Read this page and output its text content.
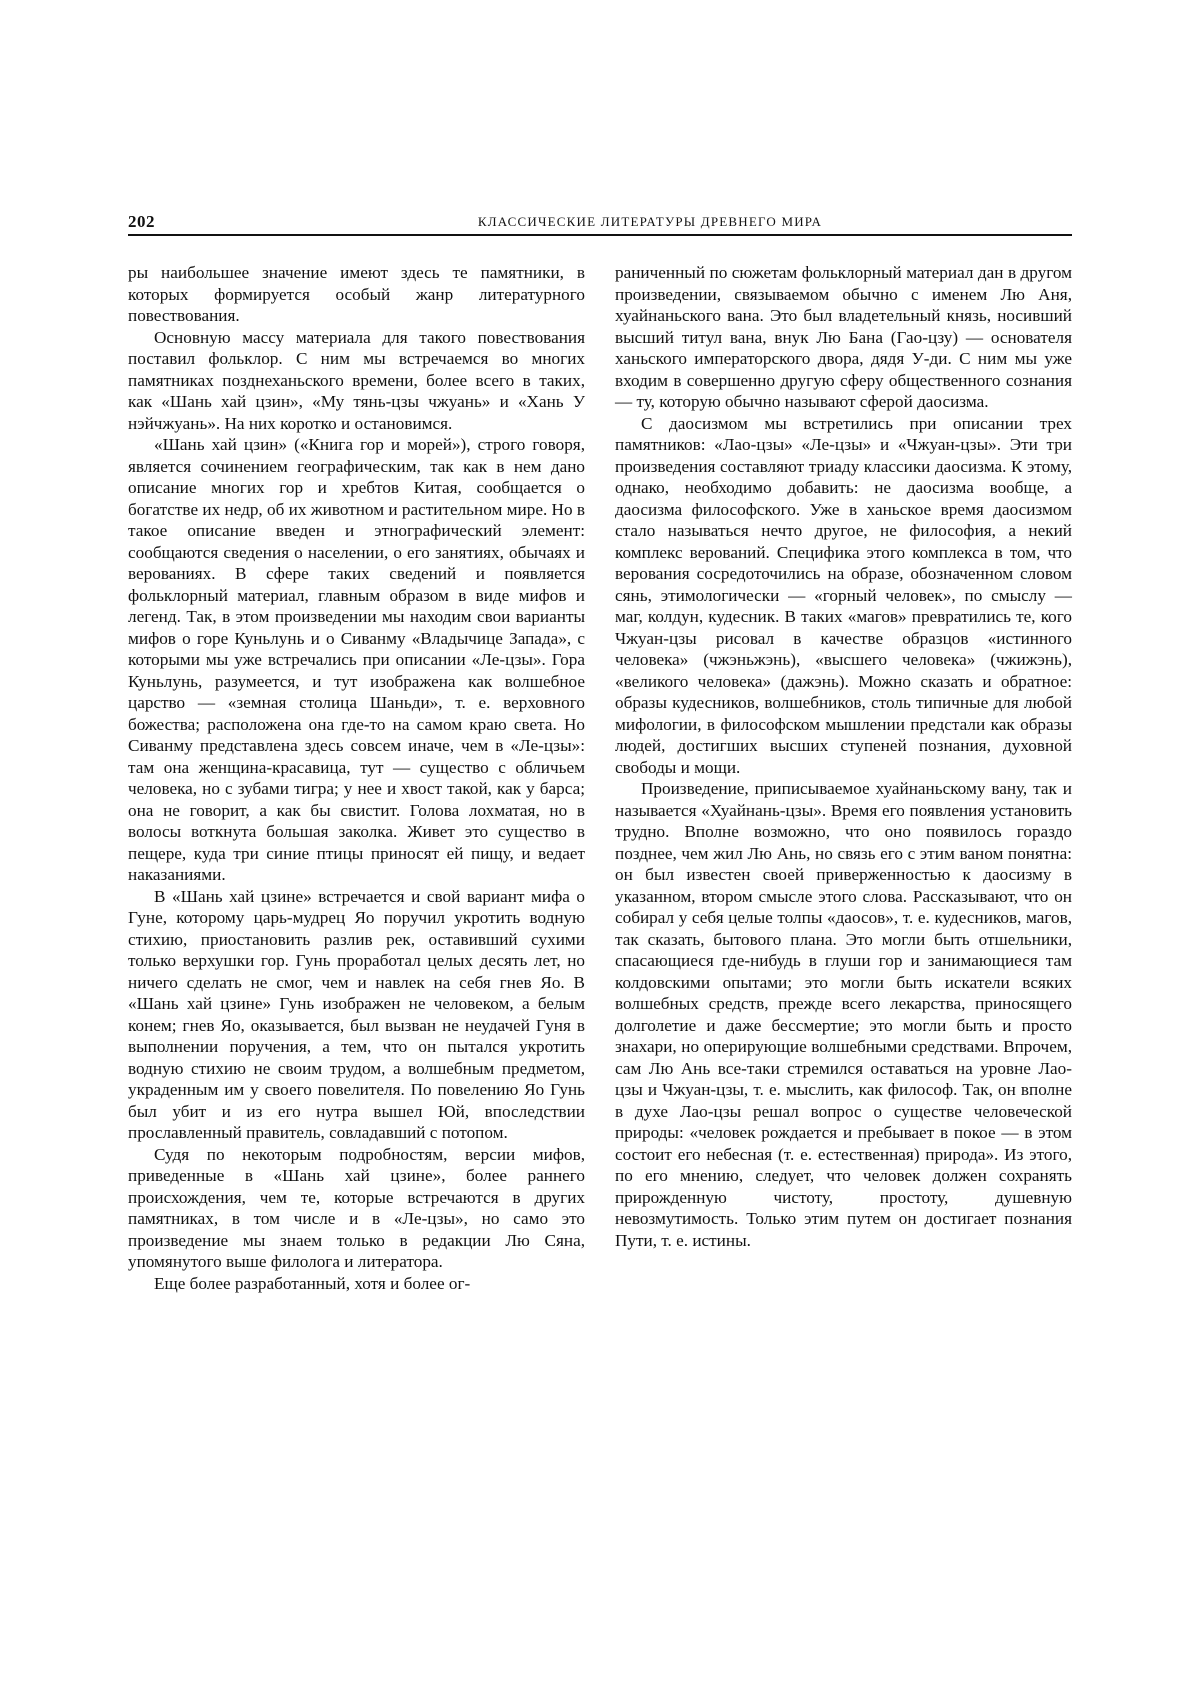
202	КЛАССИЧЕСКИЕ ЛИТЕРАТУРЫ ДРЕВНЕГО МИРА

ры наибольшее значение имеют здесь те памятники, в которых формируется особый жанр литературного повествования.

Основную массу материала для такого повествования поставил фольклор. С ним мы встречаемся во многих памятниках позднеханьского времени, более всего в таких, как «Шань хай цзин», «Му тянь-цзы чжуань» и «Хань У нэйчжуань». На них коротко и остановимся.

«Шань хай цзин» («Книга гор и морей»), строго говоря, является сочинением географическим, так как в нем дано описание многих гор и хребтов Китая, сообщается о богатстве их недр, об их животном и растительном мире. Но в такое описание введен и этнографический элемент: сообщаются сведения о населении, о его занятиях, обычаях и верованиях. В сфере таких сведений и появляется фольклорный материал, главным образом в виде мифов и легенд. Так, в этом произведении мы находим свои варианты мифов о горе Куньлунь и о Сиванму «Владычице Запада», с которыми мы уже встречались при описании «Ле-цзы». Гора Куньлунь, разумеется, и тут изображена как волшебное царство — «земная столица Шаньди», т. е. верховного божества; расположена она где-то на самом краю света. Но Сиванму представлена здесь совсем иначе, чем в «Ле-цзы»: там она женщина-красавица, тут — существо с обличьем человека, но с зубами тигра; у нее и хвост такой, как у барса; она не говорит, а как бы свистит. Голова лохматая, но в волосы воткнута большая заколка. Живет это существо в пещере, куда три синие птицы приносят ей пищу, и ведает наказаниями.

В «Шань хай цзине» встречается и свой вариант мифа о Гуне, которому царь-мудрец Яо поручил укротить водную стихию, приостановить разлив рек, оставивший сухими только верхушки гор. Гунь проработал целых десять лет, но ничего сделать не смог, чем и навлек на себя гнев Яо. В «Шань хай цзине» Гунь изображен не человеком, а белым конем; гнев Яо, оказывается, был вызван не неудачей Гуня в выполнении поручения, а тем, что он пытался укротить водную стихию не своим трудом, а волшебным предметом, украденным им у своего повелителя. По повелению Яо Гунь был убит и из его нутра вышел Юй, впоследствии прославленный правитель, совладавший с потопом.

Судя по некоторым подробностям, версии мифов, приведенные в «Шань хай цзине», более раннего происхождения, чем те, которые встречаются в других памятниках, в том числе и в «Ле-цзы», но само это произведение мы знаем только в редакции Лю Сяна, упомянутого выше филолога и литератора.

Еще более разработанный, хотя и более ог-

раниченный по сюжетам фольклорный материал дан в другом произведении, связываемом обычно с именем Лю Аня, хуайнаньского вана. Это был владетельный князь, носивший высший титул вана, внук Лю Бана (Гао-цзу) — основателя ханьского императорского двора, дядя У-ди. С ним мы уже входим в совершенно другую сферу общественного сознания — ту, которую обычно называют сферой даосизма.

С даосизмом мы встретились при описании трех памятников: «Лао-цзы» «Ле-цзы» и «Чжуан-цзы». Эти три произведения составляют триаду классики даосизма. К этому, однако, необходимо добавить: не даосизма вообще, а даосизма философского. Уже в ханьское время даосизмом стало называться нечто другое, не философия, а некий комплекс верований. Специфика этого комплекса в том, что верования сосредоточились на образе, обозначенном словом сянь, этимологически — «горный человек», по смыслу — маг, колдун, кудесник. В таких «магов» превратились те, кого Чжуан-цзы рисовал в качестве образцов «истинного человека» (чжэньжэнь), «высшего человека» (чжижэнь), «великого человека» (дажэнь). Можно сказать и обратное: образы кудесников, волшебников, столь типичные для любой мифологии, в философском мышлении предстали как образы людей, достигших высших ступеней познания, духовной свободы и мощи.

Произведение, приписываемое хуайнаньскому вану, так и называется «Хуайнань-цзы». Время его появления установить трудно. Вполне возможно, что оно появилось гораздо позднее, чем жил Лю Ань, но связь его с этим ваном понятна: он был известен своей приверженностью к даосизму в указанном, втором смысле этого слова. Рассказывают, что он собирал у себя целые толпы «даосов», т. е. кудесников, магов, так сказать, бытового плана. Это могли быть отшельники, спасающиеся где-нибудь в глуши гор и занимающиеся там колдовскими опытами; это могли быть искатели всяких волшебных средств, прежде всего лекарства, приносящего долголетие и даже бессмертие; это могли быть и просто знахари, но оперирующие волшебными средствами. Впрочем, сам Лю Ань все-таки стремился оставаться на уровне Лао-цзы и Чжуан-цзы, т. е. мыслить, как философ. Так, он вполне в духе Лао-цзы решал вопрос о существе человеческой природы: «человек рождается и пребывает в покое — в этом состоит его небесная (т. е. естественная) природа». Из этого, по его мнению, следует, что человек должен сохранять прирожденную чистоту, простоту, душевную невозмутимость. Только этим путем он достигает познания Пути, т. е. истины.
